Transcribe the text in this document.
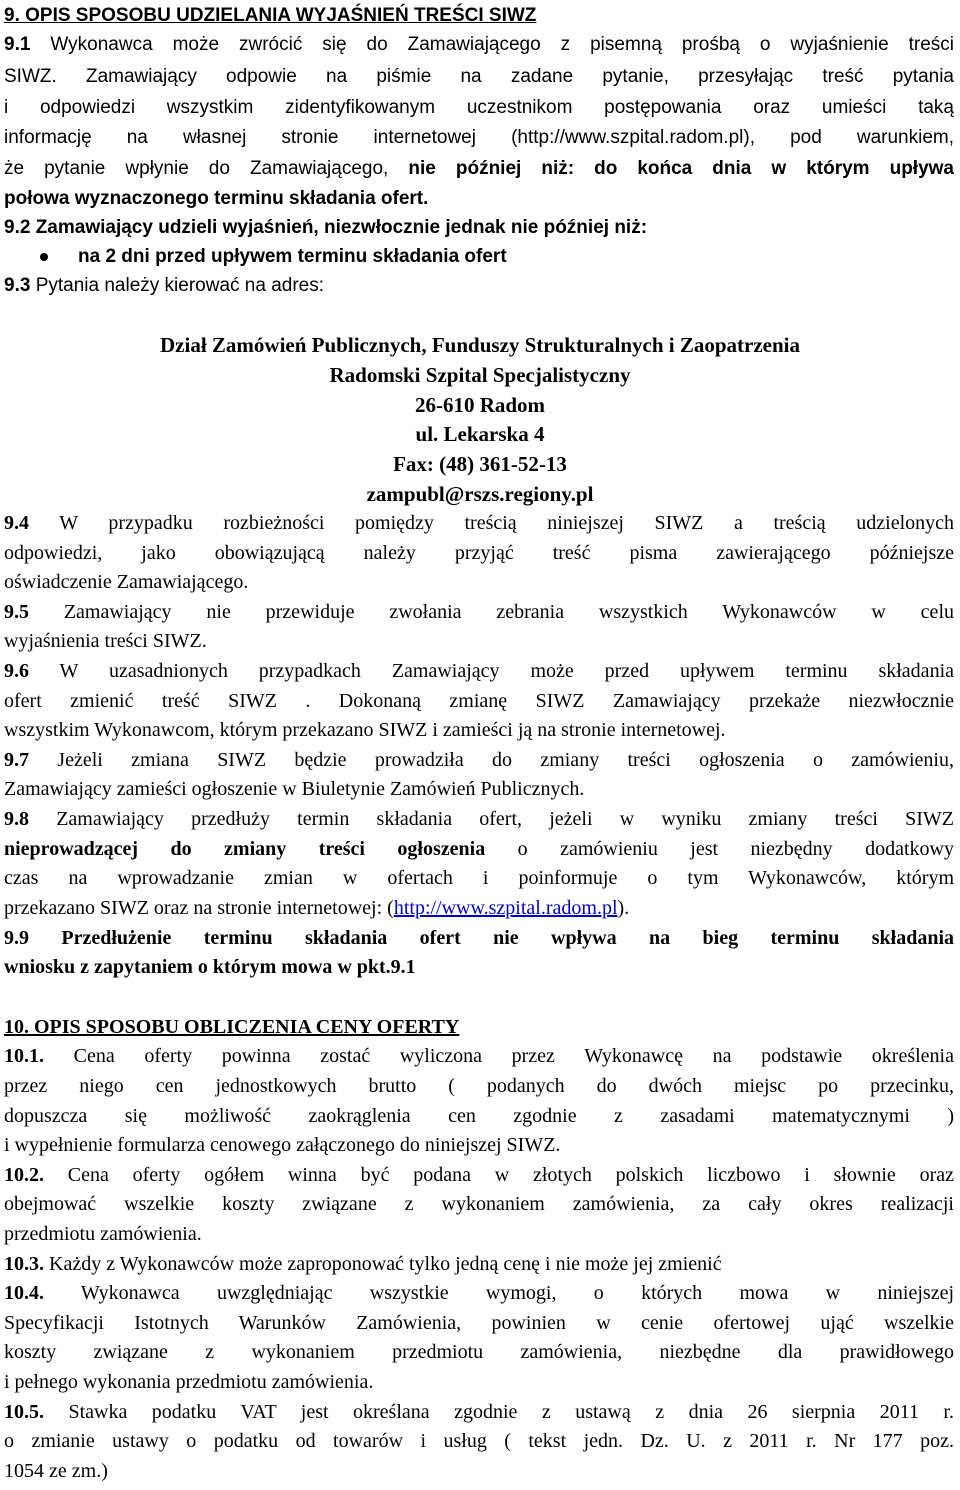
9. OPIS SPOSOBU UDZIELANIA WYJAŚNIEŃ TREŚCI SIWZ
9.1 Wykonawca może zwrócić się do Zamawiającego z pisemną prośbą o wyjaśnienie treści
SIWZ. Zamawiający odpowie na piśmie na zadane pytanie, przesyłając treść pytania
i odpowiedzi wszystkim zidentyfikowanym uczestnikom postępowania oraz umieści taką
informację na własnej stronie internetowej (http://www.szpital.radom.pl), pod warunkiem,
że pytanie wpłynie do Zamawiającego, nie później niż: do końca dnia w którym upływa
połowa wyznaczonego terminu składania ofert.
9.2 Zamawiający udzieli wyjaśnień, niezwłocznie jednak nie później niż:
na 2 dni przed upływem terminu składania ofert
9.3 Pytania należy kierować na adres:
Dział Zamówień Publicznych, Funduszy Strukturalnych i Zaopatrzenia
Radomski Szpital Specjalistyczny
26-610 Radom
ul. Lekarska 4
Fax: (48) 361-52-13
zampubl@rszs.regiony.pl
9.4 W przypadku rozbieżności pomiędzy treścią niniejszej SIWZ a treścią udzielonych
odpowiedzi, jako obowiązującą należy przyjąć treść pisma zawierającego późniejsze
oświadczenie Zamawiającego.
9.5 Zamawiający nie przewiduje zwołania zebrania wszystkich Wykonawców w celu
wyjaśnienia treści SIWZ.
9.6 W uzasadnionych przypadkach Zamawiający może przed upływem terminu składania
ofert zmienić treść SIWZ . Dokonaną zmianę SIWZ Zamawiający przekaże niezwłocznie
wszystkim Wykonawcom, którym przekazano SIWZ i zamieści ją na stronie internetowej.
9.7 Jeżeli zmiana SIWZ będzie prowadziła do zmiany treści ogłoszenia o zamówieniu,
Zamawiający zamieści ogłoszenie w Biuletynie Zamówień Publicznych.
9.8 Zamawiający przedłuży termin składania ofert, jeżeli w wyniku zmiany treści SIWZ
nieprowadzącej do zmiany treści ogłoszenia o zamówieniu jest niezbędny dodatkowy
czas na wprowadzanie zmian w ofertach i poinformuje o tym Wykonawców, którym
przekazano SIWZ oraz na stronie internetowej: (http://www.szpital.radom.pl).
9.9 Przedłużenie terminu składania ofert nie wpływa na bieg terminu składania
wniosku z zapytaniem o którym mowa w pkt.9.1
10. OPIS SPOSOBU OBLICZENIA CENY OFERTY
10.1. Cena oferty powinna zostać wyliczona przez Wykonawcę na podstawie określenia
przez niego cen jednostkowych brutto ( podanych do dwóch miejsc po przecinku,
dopuszcza się możliwość zaokrąglenia cen zgodnie z zasadami matematycznymi )
i wypełnienie formularza cenowego załączonego do niniejszej SIWZ.
10.2. Cena oferty ogółem winna być podana w złotych polskich liczbowo i słownie oraz
obejmować wszelkie koszty związane z wykonaniem zamówienia, za cały okres realizacji
przedmiotu zamówienia.
10.3. Każdy z Wykonawców może zaproponować tylko jedną cenę i nie może jej zmienić
10.4. Wykonawca uwzględniając wszystkie wymogi, o których mowa w niniejszej
Specyfikacji Istotnych Warunków Zamówienia, powinien w cenie ofertowej ująć wszelkie
koszty związane z wykonaniem przedmiotu zamówienia, niezbędne dla prawidłowego
i pełnego wykonania przedmiotu zamówienia.
10.5. Stawka podatku VAT jest określana zgodnie z ustawą z dnia 26 sierpnia 2011 r.
o zmianie ustawy o podatku od towarów i usług ( tekst jedn. Dz. U. z 2011 r. Nr 177 poz.
1054 ze zm.)
